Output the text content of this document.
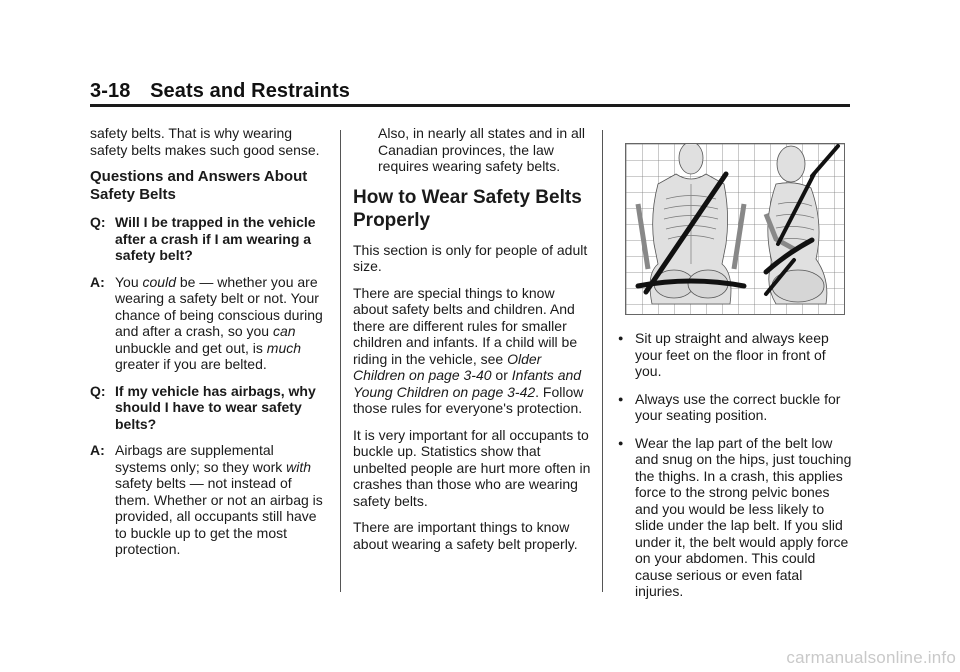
3-18 Seats and Restraints

safety belts. That is why wearing safety belts makes such good sense.

Questions and Answers About Safety Belts
Q: Will I be trapped in the vehicle after a crash if I am wearing a safety belt?
A: You could be — whether you are wearing a safety belt or not. Your chance of being conscious during and after a crash, so you can unbuckle and get out, is much greater if you are belted.
Q: If my vehicle has airbags, why should I have to wear safety belts?
A: Airbags are supplemental systems only; so they work with safety belts — not instead of them. Whether or not an airbag is provided, all occupants still have to buckle up to get the most protection.

Also, in nearly all states and in all Canadian provinces, the law requires wearing safety belts.

How to Wear Safety Belts Properly

This section is only for people of adult size.

There are special things to know about safety belts and children. And there are different rules for smaller children and infants. If a child will be riding in the vehicle, see Older Children on page 3-40 or Infants and Young Children on page 3-42. Follow those rules for everyone's protection.

It is very important for all occupants to buckle up. Statistics show that unbelted people are hurt more often in crashes than those who are wearing safety belts.

There are important things to know about wearing a safety belt properly.

● Sit up straight and always keep your feet on the floor in front of you.
● Always use the correct buckle for your seating position.
● Wear the lap part of the belt low and snug on the hips, just touching the thighs. In a crash, this applies force to the strong pelvic bones and you would be less likely to slide under the lap belt. If you slid under it, the belt would apply force on your abdomen. This could cause serious or even fatal injuries.
carmanualsonline.info
